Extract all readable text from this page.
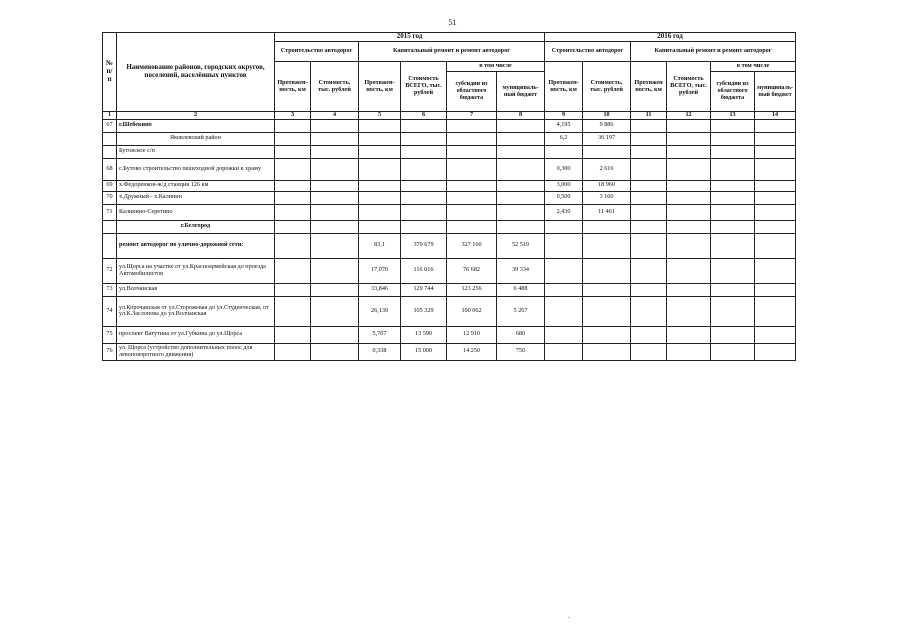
51
№ п/п	Наименование районов, городских округов, поселений, населённых пунктов	2015 год						2016 год					
		Строительство автодорог		Капитальный ремонт и ремонт автодорог				Строительство автодорог		Капитальный ремонт и ремонт автодорог			
		Протяжен-ность, км	Стоимость, тыс. рублей	Протяжен-ность, км	Стоимость ВСЕГО, тыс. рублей	в том числе		Протяжен-ность, км	Стоимость, тыс. рублей	Протяжен ность, км	Стоимость ВСЕГО, тыс. рублей	в том числе	
						субсидии из областного бюджета	муниципаль-ный бюджет					субсидии из областного бюджета	муниципаль-ный бюджет
1	2	3	4	5	6	7	8	9	10	11	12	13	14
67	г.Шебекино							4,195	9 886				
	Яковлевский район							6,2	36 197				
	Бутовское с/п												
68	с.Бутово строительство пешеходной дорожки к храму							0,300	2 616				
69	х.Федоренков-ж/д станция 126 км							3,000	18 960				
70	х.Дружный - х.Калинин							0,500	3 160				
71	Калинино-Серетино							2,430	11 461				
	г.Белгород												
	ремонт автодорог по улично-дорожной сети:			83,1	379 679	327 160	52 519						
72	ул.Щорса на участке от ул.Красноармейская до проезда Автомобилистов			17,070	116 016	76 682	39 334						
73	ул.Волчанская			33,846	129 744	123 256	6 488						
74	ул.Корочанская от ул.Сторожевая до ул.Студенческая, от ул.К.Заслонова до ул.Волчанская			26,139	105 329	100 062	5 267						
75	проспект Ватутина от ул.Губкина до ул.Щорса			5,707	13 590	12 910	680						
76	ул. Щорса (устройство дополнительных полос для левоповоротного движения)			0,338	15 000	14 250	750						
.
